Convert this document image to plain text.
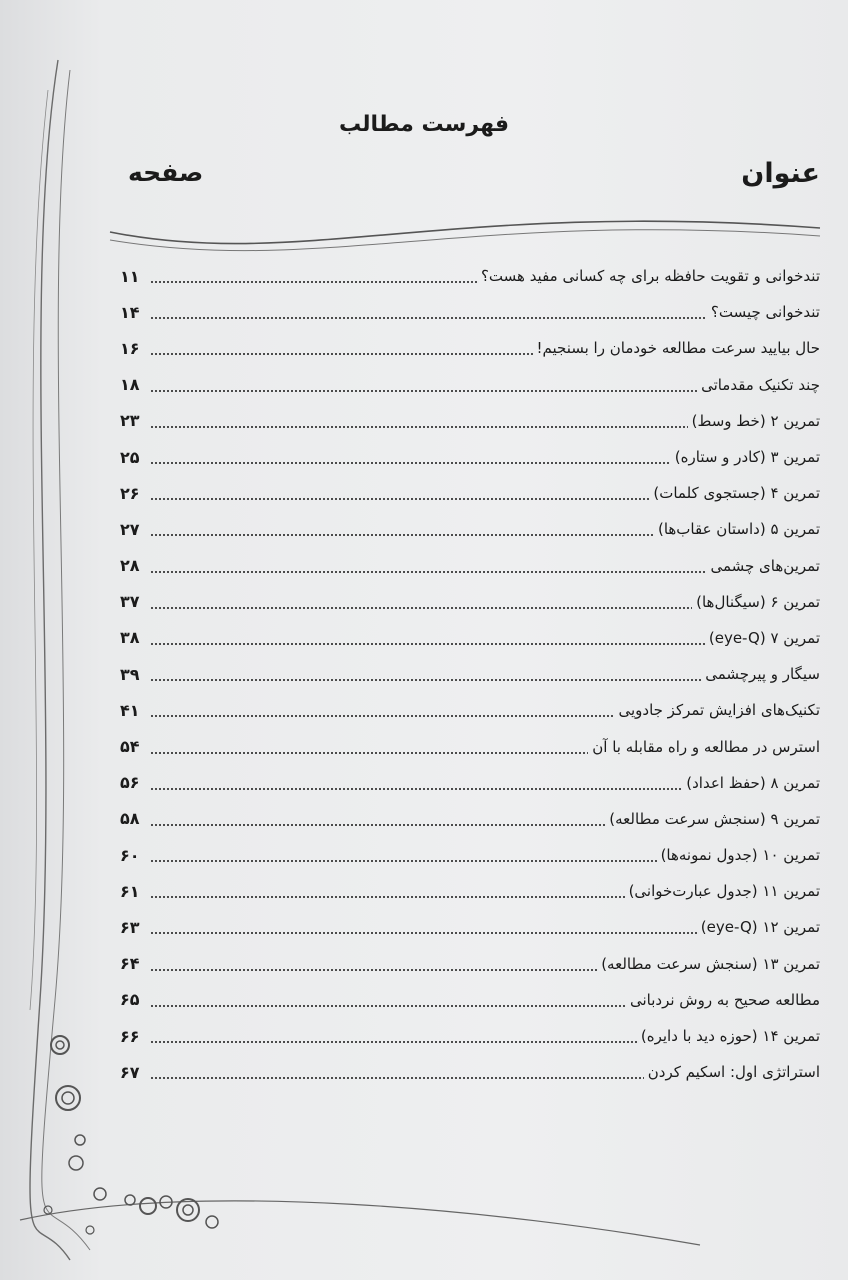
فهرست مطالب
عنوان
صفحه
تندخوانی و تقویت حافظه برای چه کسانی مفید هست؟
۱۱
تندخوانی چیست؟
۱۴
حال بیایید سرعت مطالعه خودمان را بسنجیم!
۱۶
چند تکنیک مقدماتی
۱۸
تمرین ۲ (خط وسط)
۲۳
تمرین ۳ (کادر و ستاره)
۲۵
تمرین ۴ (جستجوی کلمات)
۲۶
تمرین ۵ (داستان عقاب‌ها)
۲۷
تمرین‌های چشمی
۲۸
تمرین ۶ (سیگنال‌ها)
۳۷
تمرین ۷ (eye-Q)
۳۸
سیگار و پیرچشمی
۳۹
تکنیک‌های افزایش تمرکز جادویی
۴۱
استرس در مطالعه و راه مقابله با آن
۵۴
تمرین ۸ (حفظ اعداد)
۵۶
تمرین ۹ (سنجش سرعت مطالعه)
۵۸
تمرین ۱۰ (جدول نمونه‌ها)
۶۰
تمرین ۱۱ (جدول عبارت‌خوانی)
۶۱
تمرین ۱۲ (eye-Q)
۶۳
تمرین ۱۳ (سنجش سرعت مطالعه)
۶۴
مطالعه صحیح به روش نردبانی
۶۵
تمرین ۱۴ (حوزه دید با دایره)
۶۶
استراتژی اول: اسکیم کردن
۶۷
